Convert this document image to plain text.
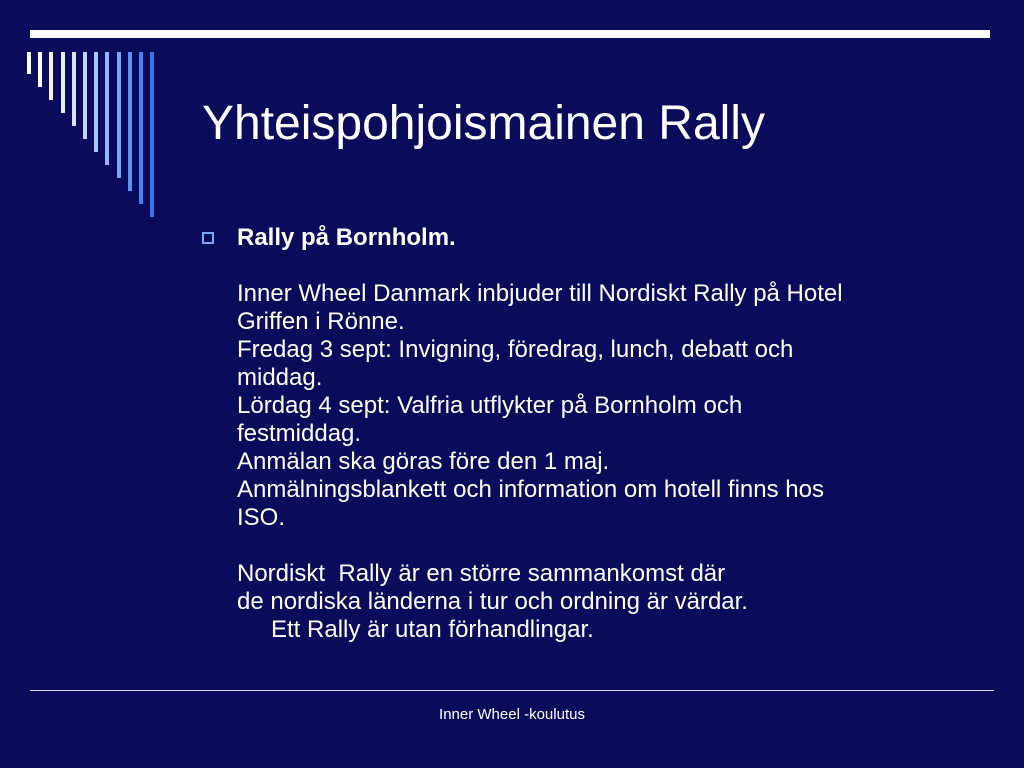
Yhteispohjoismainen Rally
Rally på Bornholm.
Inner Wheel Danmark inbjuder till Nordiskt Rally på Hotel
Griffen i Rönne.
Fredag 3 sept: Invigning, föredrag, lunch, debatt och
middag.
Lördag 4 sept: Valfria utflykter på Bornholm och
festmiddag.
Anmälan ska göras före den 1 maj.
Anmälningsblankett och information om hotell finns hos
ISO.
Nordiskt  Rally är en större sammankomst där
de nordiska länderna i tur och ordning är värdar.
Ett Rally är utan förhandlingar.
Inner Wheel -koulutus
